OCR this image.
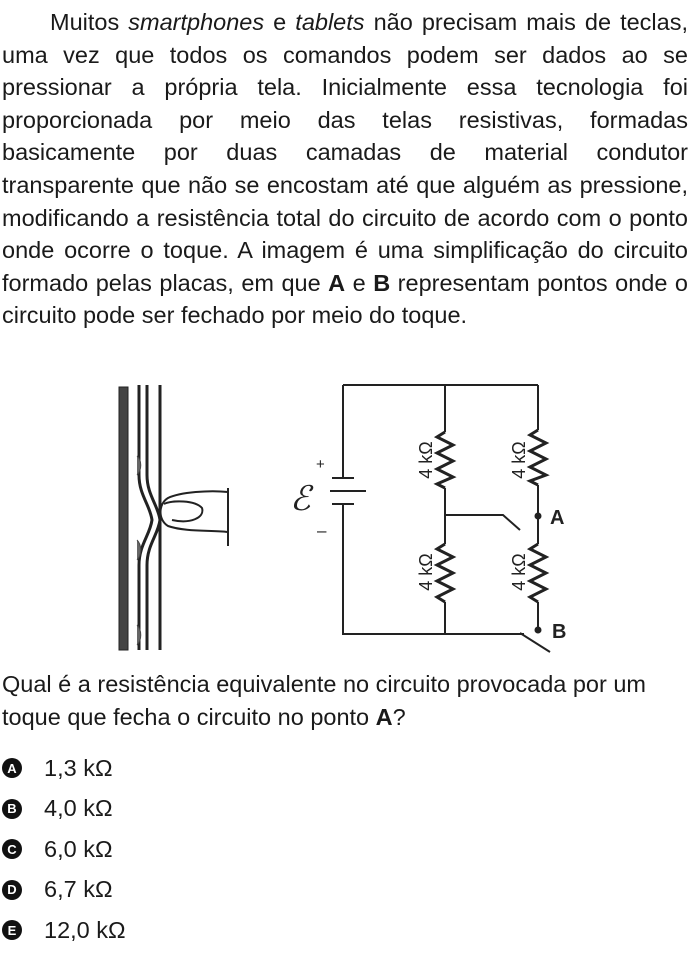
Muitos smartphones e tablets não precisam mais de teclas, uma vez que todos os comandos podem ser dados ao se pressionar a própria tela. Inicialmente essa tecnologia foi proporcionada por meio das telas resistivas, formadas basicamente por duas camadas de material condutor transparente que não se encostam até que alguém as pressione, modificando a resistência total do circuito de acordo com o ponto onde ocorre o toque. A imagem é uma simplificação do circuito formado pelas placas, em que A e B representam pontos onde o circuito pode ser fechado por meio do toque.

ℰ
+
–
4 kΩ	4 kΩ
4 kΩ	4 kΩ
A
B

Qual é a resistência equivalente no circuito provocada por um toque que fecha o circuito no ponto A?

A 1,3 kΩ
B 4,0 kΩ
C 6,0 kΩ
D 6,7 kΩ
E 12,0 kΩ
